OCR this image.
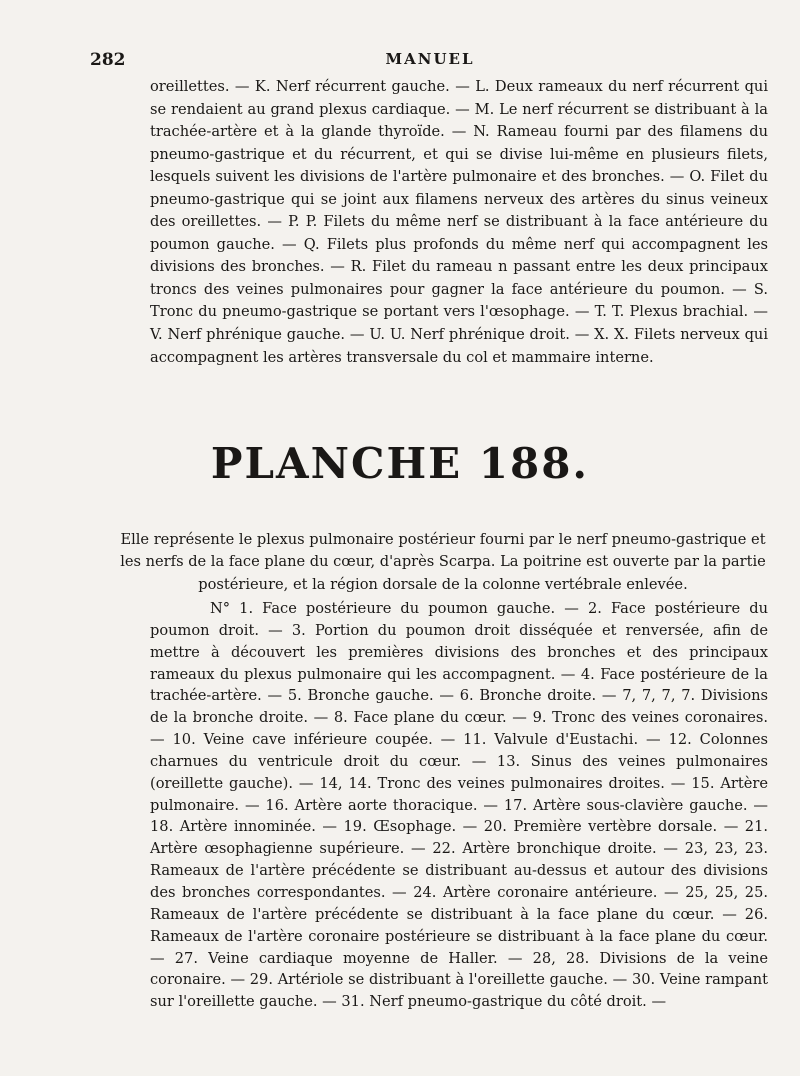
282	MANUEL

oreillettes. — K. Nerf récurrent gauche. — L. Deux rameaux du nerf récurrent qui se rendaient au grand plexus cardiaque. — M. Le nerf récurrent se distribuant à la trachée-artère et à la glande thyroïde. — N. Rameau fourni par des filamens du pneumo-gastrique et du récurrent, et qui se divise lui-même en plusieurs filets, lesquels suivent les divisions de l'artère pulmonaire et des bronches. — O. Filet du pneumo-gastrique qui se joint aux filamens nerveux des artères du sinus veineux des oreillettes. — P. P. Filets du même nerf se distribuant à la face antérieure du poumon gauche. — Q. Filets plus profonds du même nerf qui accompagnent les divisions des bronches. — R. Filet du rameau n passant entre les deux principaux troncs des veines pulmonaires pour gagner la face antérieure du poumon. — S. Tronc du pneumo-gastrique se portant vers l'œsophage. — T. T. Plexus brachial. — V. Nerf phrénique gauche. — U. U. Nerf phrénique droit. — X. X. Filets nerveux qui accompagnent les artères transversale du col et mammaire interne.

PLANCHE 188.

Elle représente le plexus pulmonaire postérieur fourni par le nerf pneumo-gastrique et les nerfs de la face plane du cœur, d'après Scarpa. La poitrine est ouverte par la partie postérieure, et la région dorsale de la colonne vertébrale enlevée.

N° 1. Face postérieure du poumon gauche. — 2. Face postérieure du poumon droit. — 3. Portion du poumon droit disséquée et renversée, afin de mettre à découvert les premières divisions des bronches et des principaux rameaux du plexus pulmonaire qui les accompagnent. — 4. Face postérieure de la trachée-artère. — 5. Bronche gauche. — 6. Bronche droite. — 7, 7, 7, 7. Divisions de la bronche droite. — 8. Face plane du cœur. — 9. Tronc des veines coronaires. — 10. Veine cave inférieure coupée. — 11. Valvule d'Eustachi. — 12. Colonnes charnues du ventricule droit du cœur. — 13. Sinus des veines pulmonaires (oreillette gauche). — 14, 14. Tronc des veines pulmonaires droites. — 15. Artère pulmonaire. — 16. Artère aorte thoracique. — 17. Artère sous-clavière gauche. — 18. Artère innominée. — 19. Œsophage. — 20. Première vertèbre dorsale. — 21. Artère œsophagienne supérieure. — 22. Artère bronchique droite. — 23, 23, 23. Rameaux de l'artère précédente se distribuant au-dessus et autour des divisions des bronches correspondantes. — 24. Artère coronaire antérieure. — 25, 25, 25. Rameaux de l'artère précédente se distribuant à la face plane du cœur. — 26. Rameaux de l'artère coronaire postérieure se distribuant à la face plane du cœur. — 27. Veine cardiaque moyenne de Haller. — 28, 28. Divisions de la veine coronaire. — 29. Artériole se distribuant à l'oreillette gauche. — 30. Veine rampant sur l'oreillette gauche. — 31. Nerf pneumo-gastrique du côté droit. —
